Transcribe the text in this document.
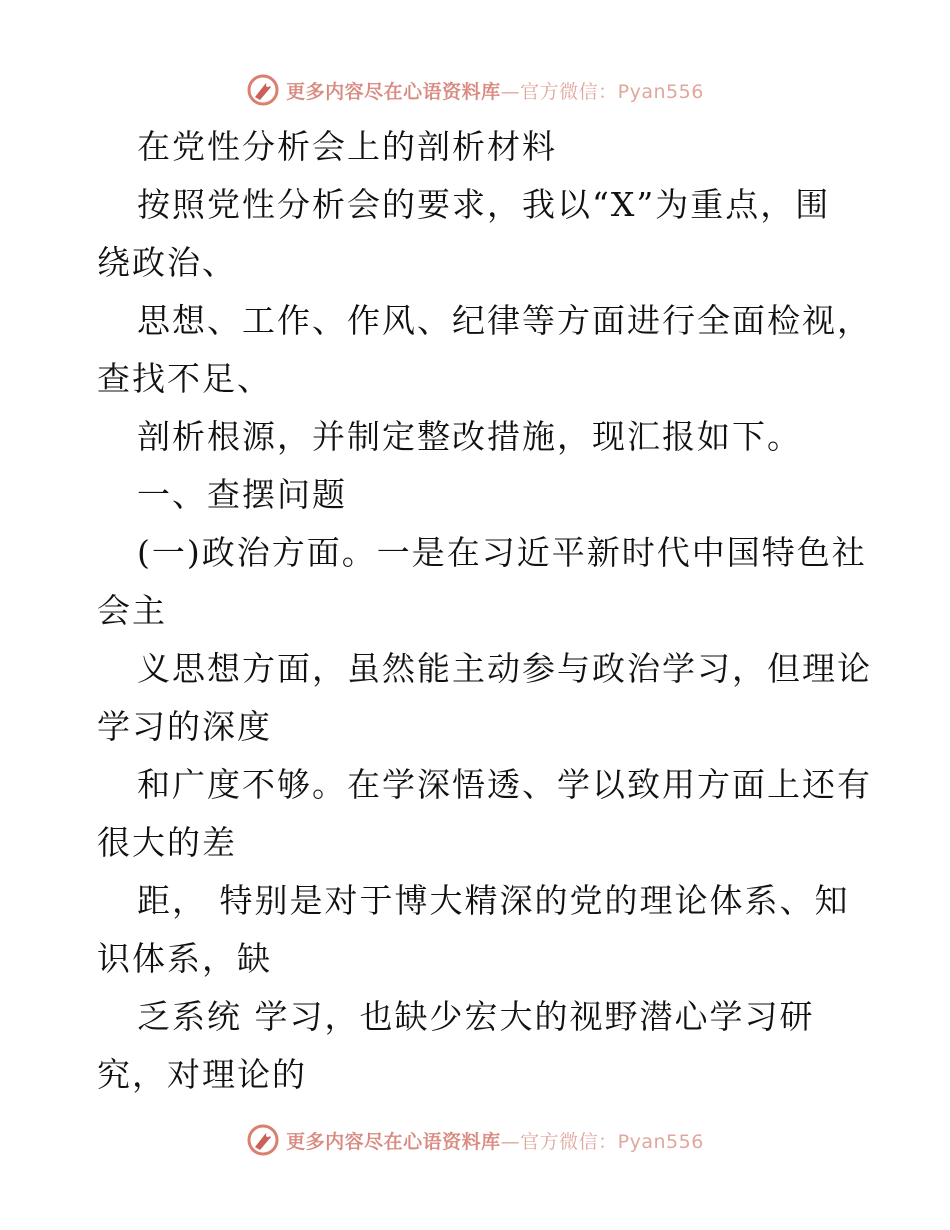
更多内容尽在心语资料库—官方微信：Pyan556
在党性分析会上的剖析材料
按照党性分析会的要求，我以“X”为重点，围
绕政治、
思想、工作、作风、纪律等方面进行全面检视，
查找不足、
剖析根源，并制定整改措施，现汇报如下。
一、查摆问题
(一)政治方面。一是在习近平新时代中国特色社
会主
义思想方面，虽然能主动参与政治学习，但理论
学习的深度
和广度不够。在学深悟透、学以致用方面上还有
很大的差
距， 特别是对于博大精深的党的理论体系、知
识体系，缺
乏系统 学习，也缺少宏大的视野潜心学习研
究，对理论的
更多内容尽在心语资料库—官方微信：Pyan556
